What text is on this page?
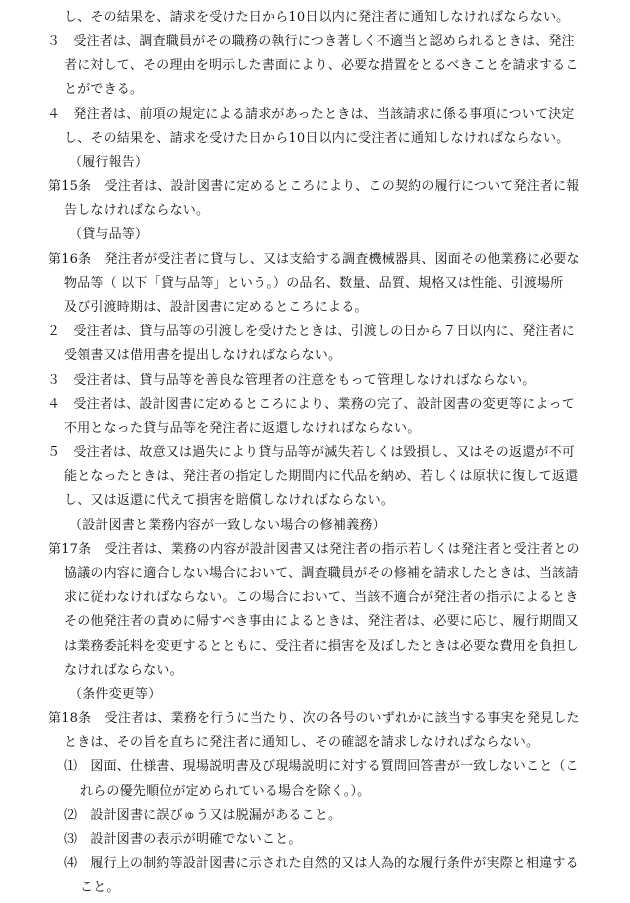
し、その結果を、請求を受けた日から10日以内に発注者に通知しなければならない。
３　受注者は、調査職員がその職務の執行につき著しく不適当と認められるときは、発注
者に対して、その理由を明示した書面により、必要な措置をとるべきことを請求するこ
とができる。
４　発注者は、前項の規定による請求があったときは、当該請求に係る事項について決定
し、その結果を、請求を受けた日から10日以内に受注者に通知しなければならない。
（履行報告）
第15条　受注者は、設計図書に定めるところにより、この契約の履行について発注者に報
告しなければならない。
（貸与品等）
第16条　発注者が受注者に貸与し、又は支給する調査機械器具、図面その他業務に必要な
物品等（ 以下「貸与品等」という。）の品名、数量、品質、規格又は性能、引渡場所
及び引渡時期は、設計図書に定めるところによる。
２　受注者は、貸与品等の引渡しを受けたときは、引渡しの日から７日以内に、発注者に
受領書又は借用書を提出しなければならない。
３　受注者は、貸与品等を善良な管理者の注意をもって管理しなければならない。
４　受注者は、設計図書に定めるところにより、業務の完了、設計図書の変更等によって
不用となった貸与品等を発注者に返還しなければならない。
５　受注者は、故意又は過失により貸与品等が滅失若しくは毀損し、又はその返還が不可
能となったときは、発注者の指定した期間内に代品を納め、若しくは原状に復して返還
し、又は返還に代えて損害を賠償しなければならない。
（設計図書と業務内容が一致しない場合の修補義務）
第17条　受注者は、業務の内容が設計図書又は発注者の指示若しくは発注者と受注者との
協議の内容に適合しない場合において、調査職員がその修補を請求したときは、当該請
求に従わなければならない。この場合において、当該不適合が発注者の指示によるとき
その他発注者の責めに帰すべき事由によるときは、発注者は、必要に応じ、履行期間又
は業務委託料を変更するとともに、受注者に損害を及ぼしたときは必要な費用を負担し
なければならない。
（条件変更等）
第18条　受注者は、業務を行うに当たり、次の各号のいずれかに該当する事実を発見した
ときは、その旨を直ちに発注者に通知し、その確認を請求しなければならない。
⑴　図面、仕様書、現場説明書及び現場説明に対する質問回答書が一致しないこと（こ
れらの優先順位が定められている場合を除く。）。
⑵　設計図書に誤びゅう又は脱漏があること。
⑶　設計図書の表示が明確でないこと。
⑷　履行上の制約等設計図書に示された自然的又は人為的な履行条件が実際と相違する
こと。
